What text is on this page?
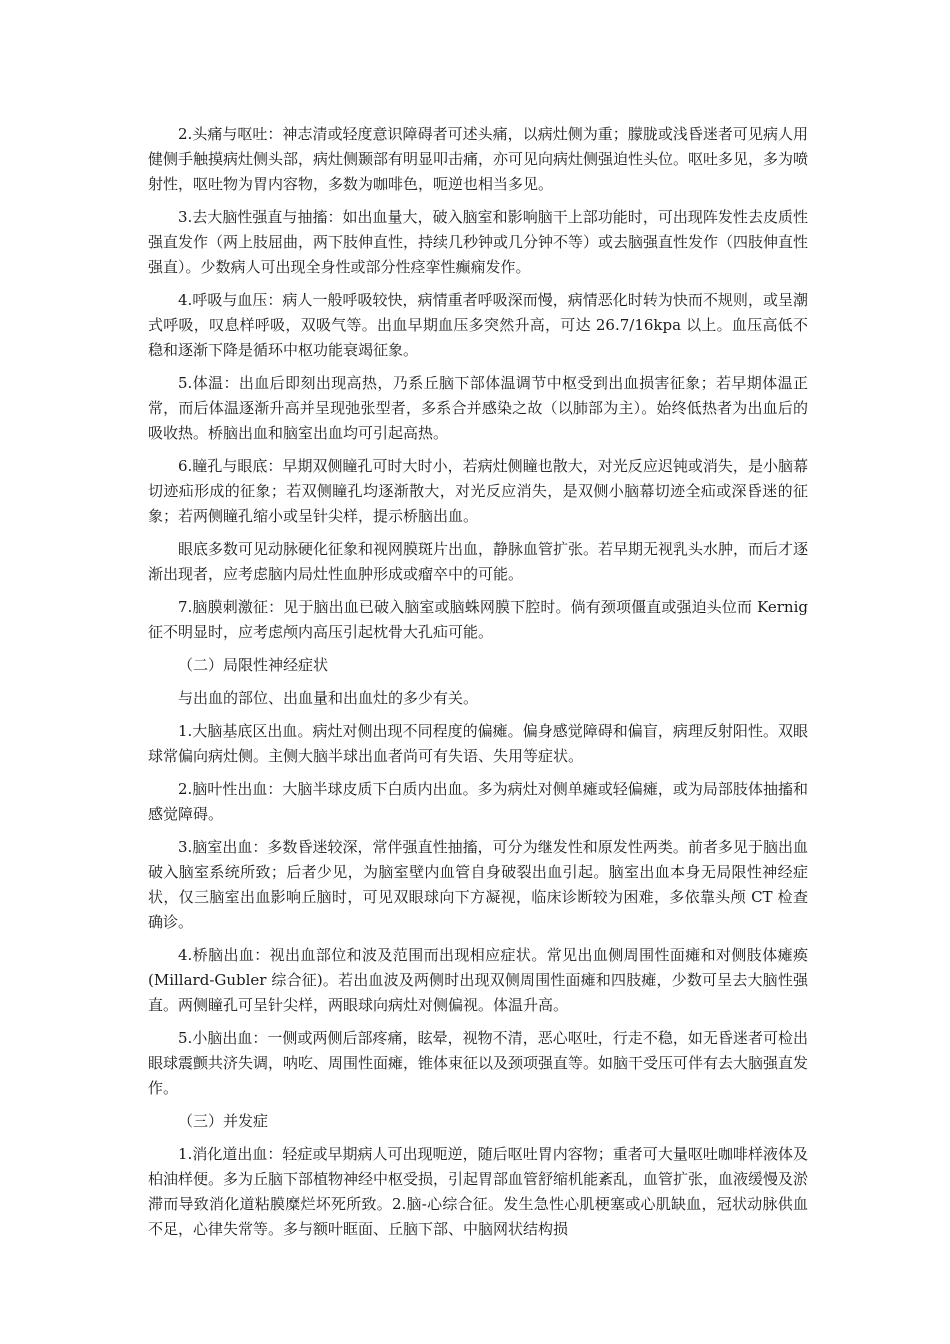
2.头痛与呕吐：神志清或轻度意识障碍者可述头痛，以病灶侧为重；朦胧或浅昏迷者可见病人用健侧手触摸病灶侧头部，病灶侧颞部有明显叩击痛，亦可见向病灶侧强迫性头位。呕吐多见，多为喷射性，呕吐物为胃内容物，多数为咖啡色，呃逆也相当多见。

3.去大脑性强直与抽搐：如出血量大，破入脑室和影响脑干上部功能时，可出现阵发性去皮质性强直发作（两上肢屈曲，两下肢伸直性，持续几秒钟或几分钟不等）或去脑强直性发作（四肢伸直性强直）。少数病人可出现全身性或部分性痉挛性癫痫发作。

4.呼吸与血压：病人一般呼吸较快，病情重者呼吸深而慢，病情恶化时转为快而不规则，或呈潮式呼吸，叹息样呼吸，双吸气等。出血早期血压多突然升高，可达 26.7/16kpa 以上。血压高低不稳和逐渐下降是循环中枢功能衰竭征象。

5.体温：出血后即刻出现高热，乃系丘脑下部体温调节中枢受到出血损害征象；若早期体温正常，而后体温逐渐升高并呈现弛张型者，多系合并感染之故（以肺部为主）。始终低热者为出血后的吸收热。桥脑出血和脑室出血均可引起高热。

6.瞳孔与眼底：早期双侧瞳孔可时大时小，若病灶侧瞳也散大，对光反应迟钝或消失，是小脑幕切迹疝形成的征象；若双侧瞳孔均逐渐散大，对光反应消失，是双侧小脑幕切迹全疝或深昏迷的征象；若两侧瞳孔缩小或呈针尖样，提示桥脑出血。

眼底多数可见动脉硬化征象和视网膜斑片出血，静脉血管扩张。若早期无视乳头水肿，而后才逐渐出现者，应考虑脑内局灶性血肿形成或瘤卒中的可能。

7.脑膜刺激征：见于脑出血已破入脑室或脑蛛网膜下腔时。倘有颈项僵直或强迫头位而 Kernig 征不明显时，应考虑颅内高压引起枕骨大孔疝可能。

（二）局限性神经症状

与出血的部位、出血量和出血灶的多少有关。

1.大脑基底区出血。病灶对侧出现不同程度的偏瘫。偏身感觉障碍和偏盲，病理反射阳性。双眼球常偏向病灶侧。主侧大脑半球出血者尚可有失语、失用等症状。

2.脑叶性出血：大脑半球皮质下白质内出血。多为病灶对侧单瘫或轻偏瘫，或为局部肢体抽搐和感觉障碍。

3.脑室出血：多数昏迷较深，常伴强直性抽搐，可分为继发性和原发性两类。前者多见于脑出血破入脑室系统所致；后者少见，为脑室壁内血管自身破裂出血引起。脑室出血本身无局限性神经症状，仅三脑室出血影响丘脑时，可见双眼球向下方凝视，临床诊断较为困难，多依靠头颅 CT 检查确诊。

4.桥脑出血：视出血部位和波及范围而出现相应症状。常见出血侧周围性面瘫和对侧肢体瘫痪(Millard-Gubler 综合征)。若出血波及两侧时出现双侧周围性面瘫和四肢瘫，少数可呈去大脑性强直。两侧瞳孔可呈针尖样，两眼球向病灶对侧偏视。体温升高。

5.小脑出血：一侧或两侧后部疼痛，眩晕，视物不清，恶心呕吐，行走不稳，如无昏迷者可检出眼球震颤共济失调，呐吃、周围性面瘫，锥体束征以及颈项强直等。如脑干受压可伴有去大脑强直发作。

（三）并发症

1.消化道出血：轻症或早期病人可出现呃逆，随后呕吐胃内容物；重者可大量呕吐咖啡样液体及柏油样便。多为丘脑下部植物神经中枢受损，引起胃部血管舒缩机能紊乱，血管扩张，血液缓慢及淤滞而导致消化道粘膜糜烂坏死所致。2.脑-心综合征。发生急性心肌梗塞或心肌缺血，冠状动脉供血不足，心律失常等。多与额叶眶面、丘脑下部、中脑网状结构损
